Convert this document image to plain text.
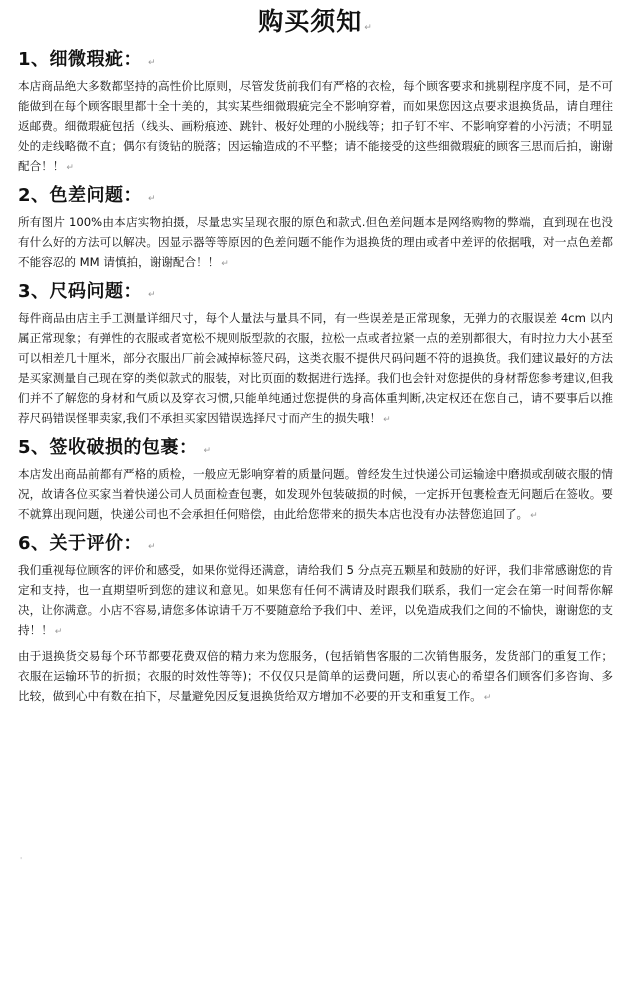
购买须知 ↵
1、细微瑕疵： ↵

本店商品绝大多数都坚持的高性价比原则，尽管发货前我们有严格的衣检，每个顾客要求和挑剔程序度不同，是不可能做到在每个顾客眼里都十全十美的，其实某些细微瑕疵完全不影响穿着，而如果您因这点要求退换货品，请自理往返邮费。细微瑕疵包括（线头、画粉痕迹、跳针、极好处理的小脱线等；扣子钉不牢、不影响穿着的小污渍；不明显处的走线略微不直；偶尔有烫钻的脱落；因运输造成的不平整；请不能接受的这些细微瑕疵的顾客三思而后拍，谢谢配合！！ ↵

2、色差问题： ↵

所有图片 100%由本店实物拍摄，尽量忠实呈现衣服的原色和款式.但色差问题本是网络购物的弊端，直到现在也没有什么好的方法可以解决。因显示器等等原因的色差问题不能作为退换货的理由或者中差评的依据哦，对一点色差都不能容忍的 MM 请慎拍，谢谢配合！！ ↵

3、尺码问题： ↵

每件商品由店主手工测量详细尺寸，每个人量法与量具不同，有一些误差是正常现象，无弹力的衣服误差 4cm 以内属正常现象；有弹性的衣服或者宽松不规则版型款的衣服，拉松一点或者拉紧一点的差别都很大，有时拉力大小甚至可以相差几十厘米，部分衣服出厂前会减掉标签尺码，这类衣服不提供尺码问题不符的退换货。我们建议最好的方法是买家测量自己现在穿的类似款式的服装，对比页面的数据进行选择。我们也会针对您提供的身材帮您参考建议,但我们并不了解您的身材和气质以及穿衣习惯,只能单纯通过您提供的身高体重判断,决定权还在您自己，请不要事后以推荐尺码错误怪罪卖家,我们不承担买家因错误选择尺寸而产生的损失哦！ ↵

5、签收破损的包裹： ↵

本店发出商品前都有严格的质检，一般应无影响穿着的质量问题。曾经发生过快递公司运输途中磨损或刮破衣服的情况，故请各位买家当着快递公司人员面检查包裹，如发现外包装破损的时候，一定拆开包裹检查无问题后在签收。要不就算出现问题，快递公司也不会承担任何赔偿，由此给您带来的损失本店也没有办法替您追回了。 ↵

6、关于评价： ↵

我们重视每位顾客的评价和感受，如果你觉得还满意，请给我们 5 分点亮五颗星和鼓励的好评，我们非常感谢您的肯定和支持，也一直期望听到您的建议和意见。如果您有任何不满请及时跟我们联系，我们一定会在第一时间帮你解决，让你满意。小店不容易,请您多体谅请千万不要随意给予我们中、差评，以免造成我们之间的不愉快，谢谢您的支持！！ ↵

由于退换货交易每个环节都要花费双倍的精力来为您服务，(包括销售客服的二次销售服务，发货部门的重复工作；衣服在运输环节的折损；衣服的时效性等等)；不仅仅只是简单的运费问题，所以衷心的希望各们顾客们多咨询、多比较，做到心中有数在拍下，尽量避免因反复退换货给双方增加不必要的开支和重复工作。 ↵

'
